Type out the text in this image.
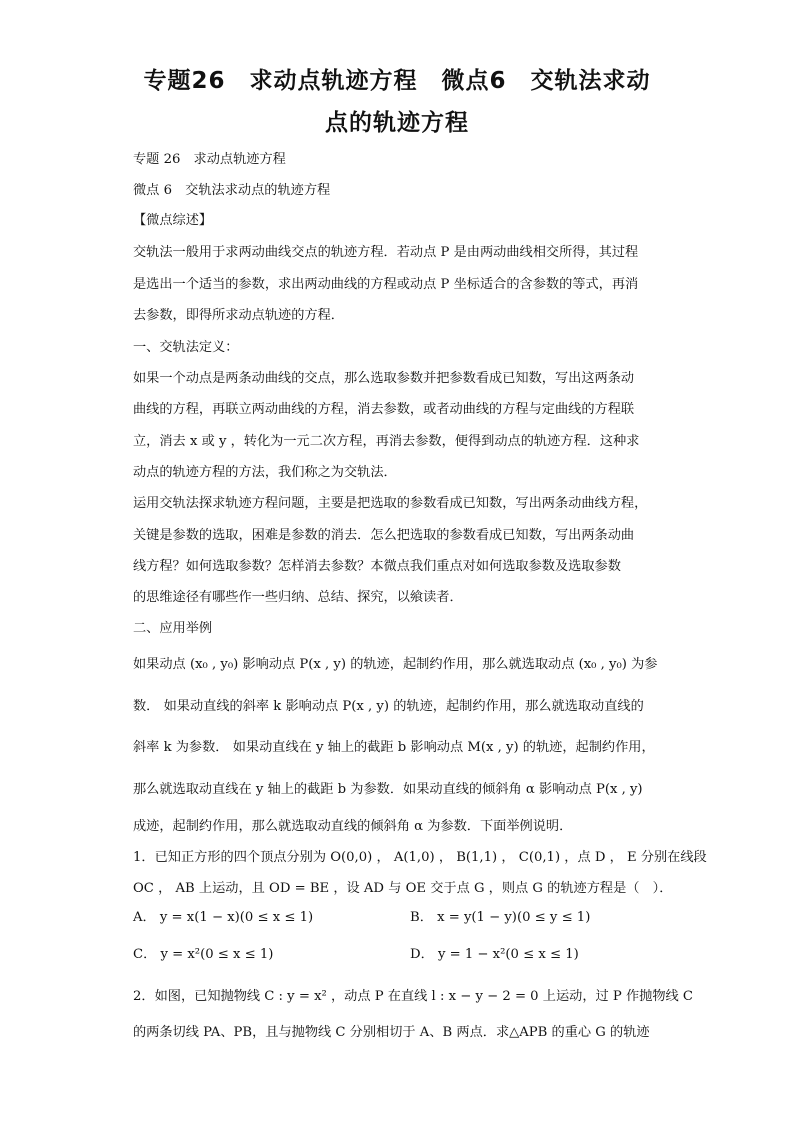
专题26　求动点轨迹方程　微点6　交轨法求动
点的轨迹方程
专题 26　求动点轨迹方程
微点 6　交轨法求动点的轨迹方程
【微点综述】
交轨法一般用于求两动曲线交点的轨迹方程．若动点 P 是由两动曲线相交所得，其过程
是选出一个适当的参数，求出两动曲线的方程或动点 P 坐标适合的含参数的等式，再消
去参数，即得所求动点轨迹的方程．
一、交轨法定义：
如果一个动点是两条动曲线的交点，那么选取参数并把参数看成已知数，写出这两条动
曲线的方程，再联立两动曲线的方程，消去参数，或者动曲线的方程与定曲线的方程联
立，消去 x 或 y ，转化为一元二次方程，再消去参数，便得到动点的轨迹方程．这种求
动点的轨迹方程的方法，我们称之为交轨法．
运用交轨法探求轨迹方程问题，主要是把选取的参数看成已知数，写出两条动曲线方程，
关键是参数的选取，困难是参数的消去．怎么把选取的参数看成已知数，写出两条动曲
线方程？如何选取参数？怎样消去参数？本微点我们重点对如何选取参数及选取参数
的思维途径有哪些作一些归纳、总结、探究，以飨读者．
二、应用举例
如果动点 (x₀ , y₀) 影响动点 P(x , y) 的轨迹，起制约作用，那么就选取动点 (x₀ , y₀) 为参
数． 如果动直线的斜率 k 影响动点 P(x , y) 的轨迹，起制约作用，那么就选取动直线的
斜率 k 为参数． 如果动直线在 y 轴上的截距 b 影响动点 M(x , y) 的轨迹，起制约作用，
那么就选取动直线在 y 轴上的截距 b 为参数．如果动直线的倾斜角 α 影响动点 P(x , y)
成迹，起制约作用，那么就选取动直线的倾斜角 α 为参数．下面举例说明．
1．已知正方形的四个顶点分别为 O(0,0) ， A(1,0) ， B(1,1) ， C(0,1) ，点 D ， E 分别在线段
OC ， AB 上运动，且 OD = BE ，设 AD 与 OE 交于点 G ，则点 G 的轨迹方程是（　）．
A． y = x(1 − x)(0 ≤ x ≤ 1)	B． x = y(1 − y)(0 ≤ y ≤ 1)
C． y = x²(0 ≤ x ≤ 1)	D． y = 1 − x²(0 ≤ x ≤ 1)
2．如图，已知抛物线 C : y = x² ，动点 P 在直线 l : x − y − 2 = 0 上运动，过 P 作抛物线 C
的两条切线 PA、PB，且与抛物线 C 分别相切于 A、B 两点．求△APB 的重心 G 的轨迹
